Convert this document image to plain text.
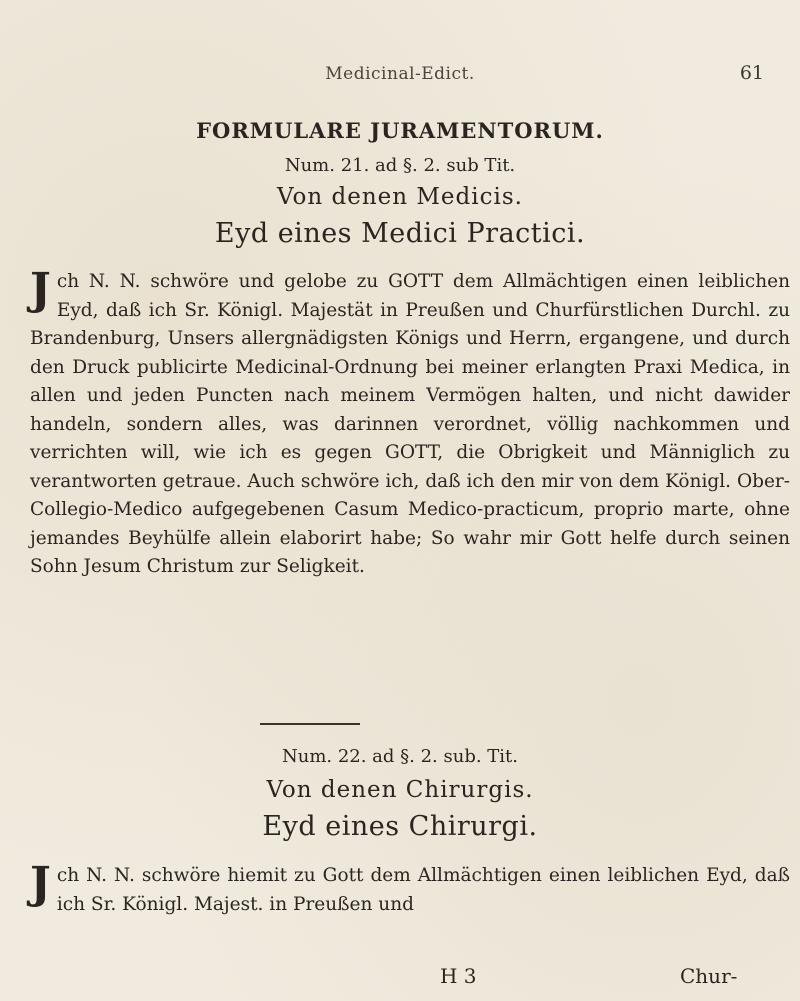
Medicinal-Edict.	61

FORMULARE JURAMENTORUM.

Num. 21. ad §. 2. sub Tit.

Von denen Medicis.

Eyd eines Medici Practici.

Jch N. N. schwöre und gelobe zu GOTT dem Allmächtigen einen leiblichen Eyd, daß ich Sr. Königl. Majestät in Preußen und Churfürstlichen Durchl. zu Brandenburg, Unsers allergnädigsten Königs und Herrn, ergangene, und durch den Druck publicirte Medicinal-Ordnung bei meiner erlangten Praxi Medica, in allen und jeden Puncten nach meinem Vermögen halten, und nicht dawider handeln, sondern alles, was darinnen verordnet, völlig nachkommen und verrichten will, wie ich es gegen GOTT, die Obrigkeit und Männiglich zu verantworten getraue. Auch schwöre ich, daß ich den mir von dem Königl. Ober-Collegio-Medico aufgegebenen Casum Medico-practicum, proprio marte, ohne jemandes Beyhülfe allein elaborirt habe; So wahr mir Gott helfe durch seinen Sohn Jesum Christum zur Seligkeit.

Num. 22. ad §. 2. sub. Tit.

Von denen Chirurgis.

Eyd eines Chirurgi.

Jch N. N. schwöre hiemit zu Gott dem Allmächtigen einen leiblichen Eyd, daß ich Sr. Königl. Majest. in Preußen und

H 3	Chur-
